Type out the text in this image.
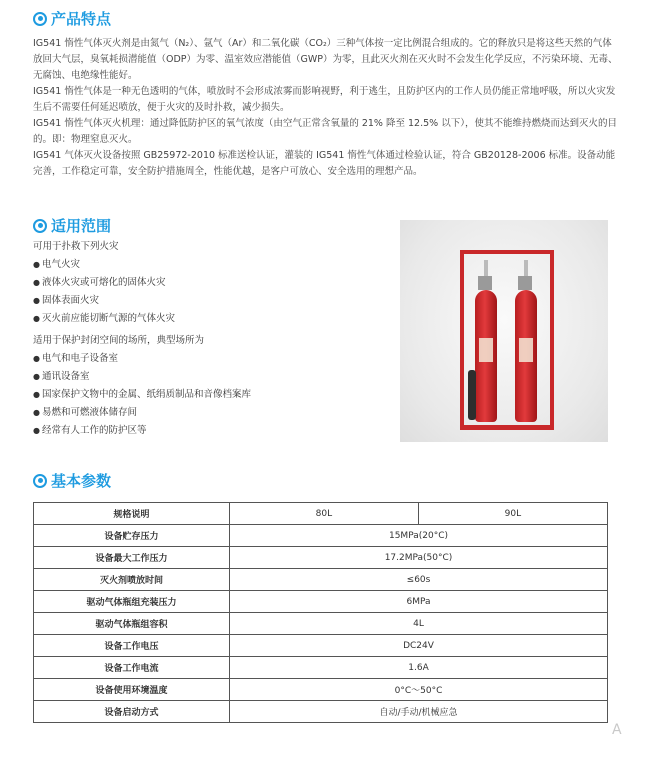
产品特点

IG541 惰性气体灭火剂是由氮气（N₂）、氩气（Ar）和二氧化碳（CO₂）三种气体按一定比例混合组成的。它的释放只是将这些天然的气体放回大气层，臭氧耗损潜能值（ODP）为零、温室效应潜能值（GWP）为零，且此灭火剂在灭火时不会发生化学反应，不污染环境、无毒、无腐蚀、电绝缘性能好。

IG541 惰性气体是一种无色透明的气体，喷放时不会形成浓雾而影响视野，利于逃生，且防护区内的工作人员仍能正常地呼吸，所以火灾发生后不需要任何延迟喷放，便于火灾的及时扑救，减少损失。

IG541 惰性气体灭火机理：通过降低防护区的氧气浓度（由空气正常含氧量的 21% 降至 12.5% 以下），使其不能维持燃烧而达到灭火的目的。即：物理窒息灭火。

IG541 气体灭火设备按照 GB25972-2010 标准送检认证，灌装的 IG541 惰性气体通过检验认证，符合 GB20128-2006 标准。设备动能完善，工作稳定可靠，安全防护措施周全，性能优越，是客户可放心、安全选用的理想产品。

适用范围
可用于扑救下列火灾
● 电气火灾
● 液体火灾或可熔化的固体火灾
● 固体表面火灾
● 灭火前应能切断气源的气体火灾
适用于保护封闭空间的场所，典型场所为
● 电气和电子设备室
● 通讯设备室
● 国家保护文物中的金属、纸绢质制品和音像档案库
● 易燃和可燃液体储存间
● 经常有人工作的防护区等
基本参数
规格说明	80L	90L
设备贮存压力	15MPa(20°C)	
设备最大工作压力	17.2MPa(50°C)	
灭火剂喷放时间	≤60s	
驱动气体瓶组充装压力	6MPa	
驱动气体瓶组容积	4L	
设备工作电压	DC24V	
设备工作电流	1.6A	
设备使用环境温度	0°C～50°C	
设备启动方式	自动/手动/机械应急	
A
